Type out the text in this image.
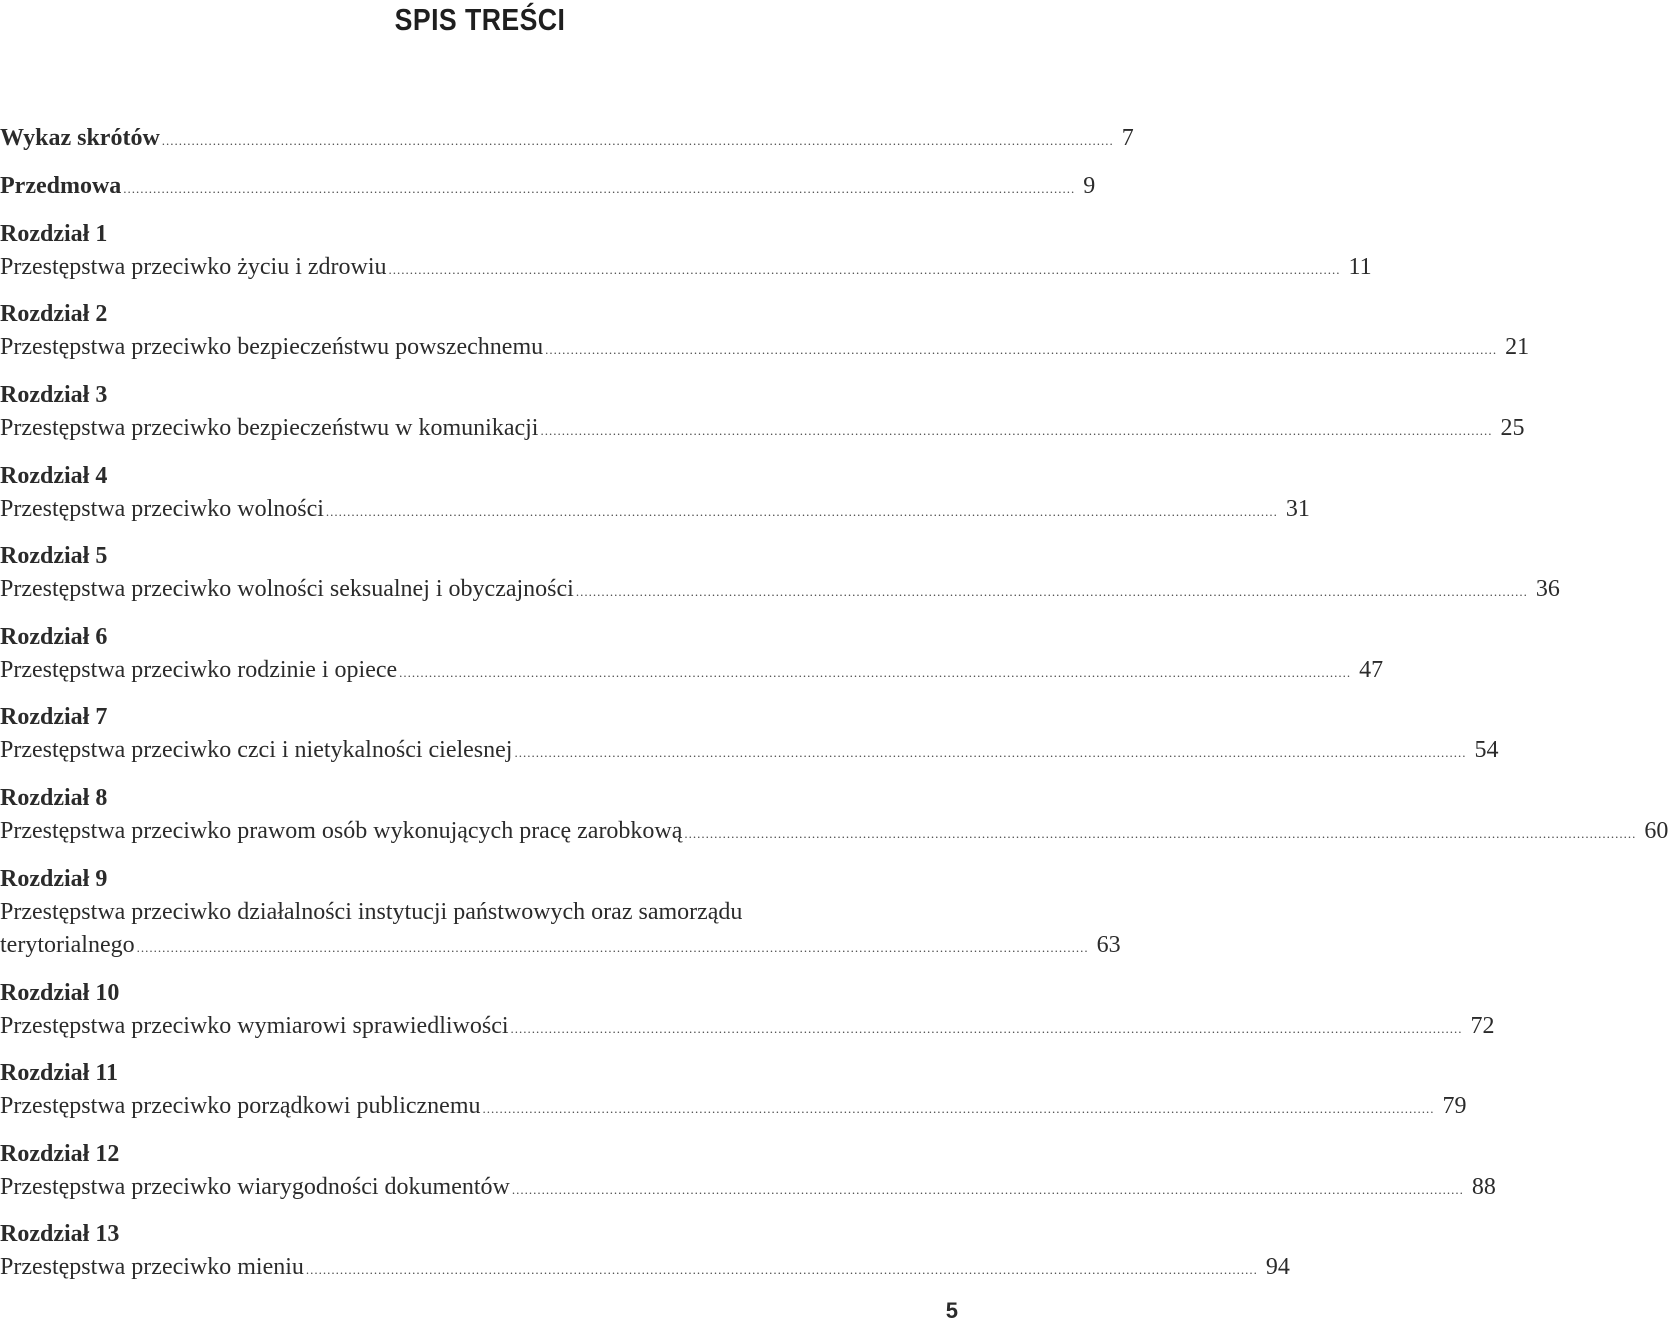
SPIS TREŚCI
Wykaz skrótów ................................................................................................................................................................................................................................ 7
Przedmowa ................................................................................................................................................................................................................................ 9
Rozdział 1
Przestępstwa przeciwko życiu i zdrowiu ................................................................................................................................................................................................................................ 11
Rozdział 2
Przestępstwa przeciwko bezpieczeństwu powszechnemu ................................................................................................................................................................................................................................ 21
Rozdział 3
Przestępstwa przeciwko bezpieczeństwu w komunikacji ................................................................................................................................................................................................................................ 25
Rozdział 4
Przestępstwa przeciwko wolności ................................................................................................................................................................................................................................ 31
Rozdział 5
Przestępstwa przeciwko wolności seksualnej i obyczajności ................................................................................................................................................................................................................................ 36
Rozdział 6
Przestępstwa przeciwko rodzinie i opiece ................................................................................................................................................................................................................................ 47
Rozdział 7
Przestępstwa przeciwko czci i nietykalności cielesnej ................................................................................................................................................................................................................................ 54
Rozdział 8
Przestępstwa przeciwko prawom osób wykonujących pracę zarobkową ................................................................................................................................................................................................................................ 60
Rozdział 9
Przestępstwa przeciwko działalności instytucji państwowych oraz samorządu
terytorialnego ................................................................................................................................................................................................................................ 63
Rozdział 10
Przestępstwa przeciwko wymiarowi sprawiedliwości ................................................................................................................................................................................................................................ 72
Rozdział 11
Przestępstwa przeciwko porządkowi publicznemu ................................................................................................................................................................................................................................ 79
Rozdział 12
Przestępstwa przeciwko wiarygodności dokumentów ................................................................................................................................................................................................................................ 88
Rozdział 13
Przestępstwa przeciwko mieniu ................................................................................................................................................................................................................................ 94
5
